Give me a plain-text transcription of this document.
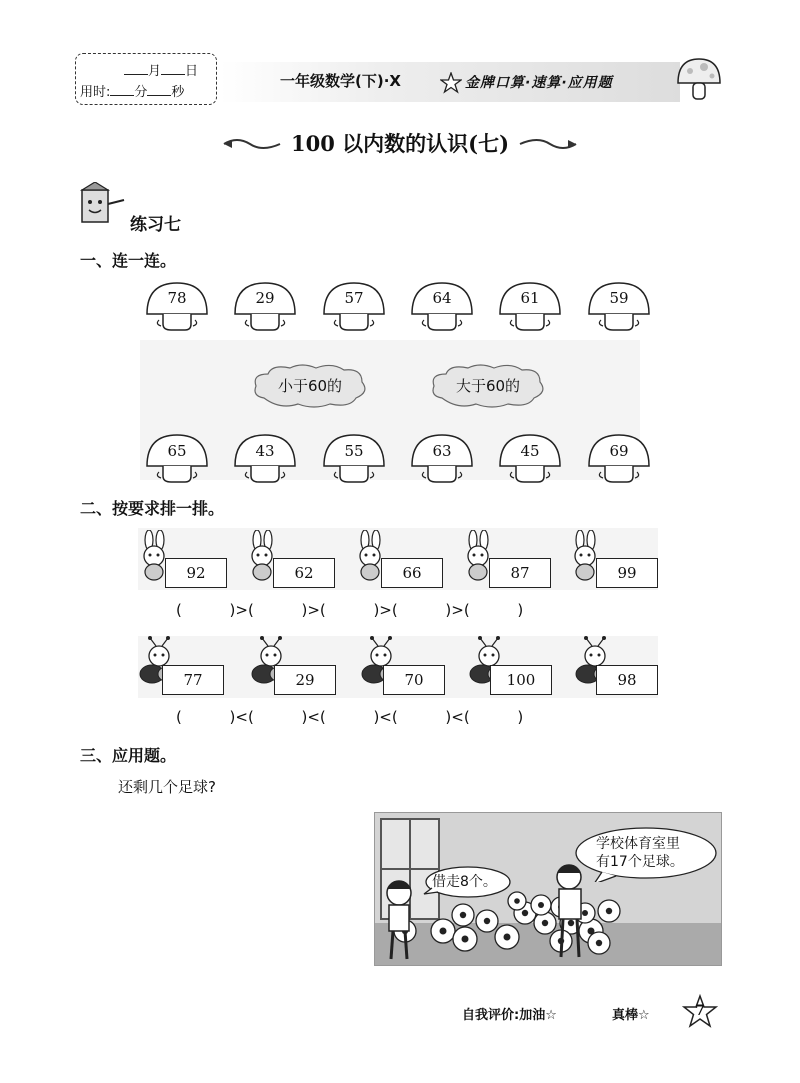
月 日
用时: 分 秒
一年级数学(下)·X	金牌口算·速算·应用题
100 以内数的认识(七)
练习七
一、连一连。
78	29	57	64	61	59
小于60的	大于60的
65	43	55	63	45	69
二、按要求排一排。
92	62	66	87	99
(          )>(          )>(          )>(          )>(          )
77	29	70	100	98
(          )<(          )<(          )<(          )<(          )
三、应用题。
还剩几个足球?
借走8个。
学校体育室里
有17个足球。
自我评价:加油☆	真棒☆	7
